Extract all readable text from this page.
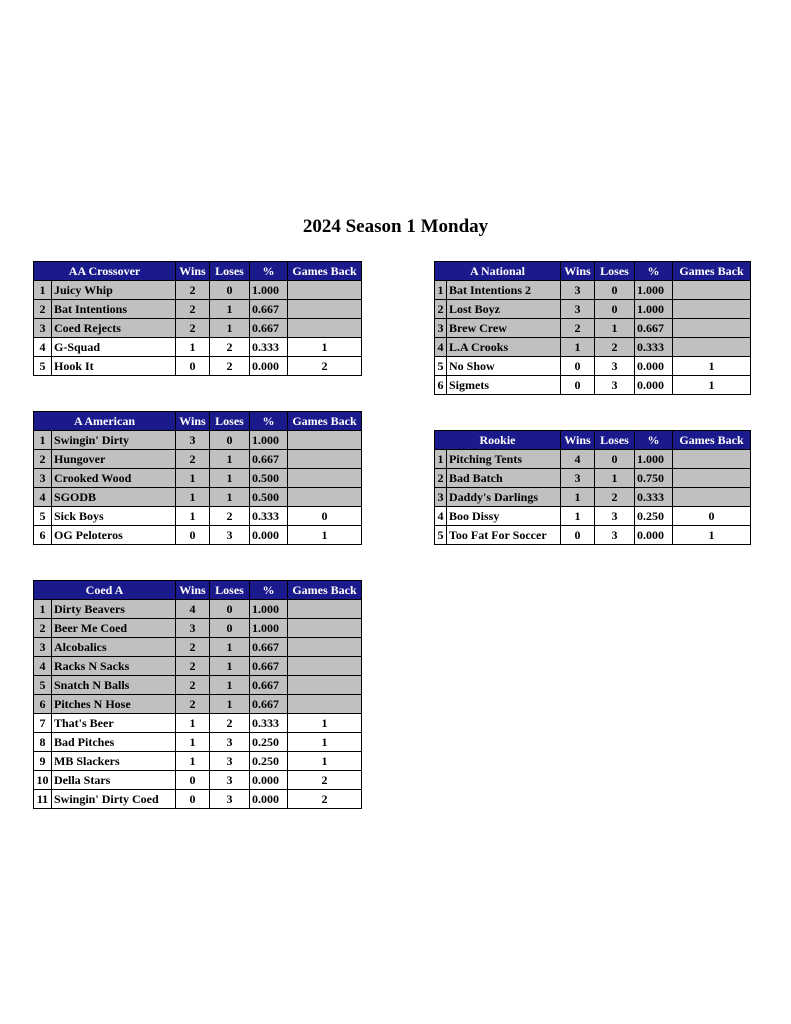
2024 Season 1 Monday
AA Crossover		Wins	Loses	%	Games Back
1	Juicy Whip	2	0	1.000	
2	Bat Intentions	2	1	0.667	
3	Coed Rejects	2	1	0.667	
4	G-Squad	1	2	0.333	1
5	Hook It	0	2	0.000	2
A National		Wins	Loses	%	Games Back
1	Bat Intentions 2	3	0	1.000	
2	Lost Boyz	3	0	1.000	
3	Brew Crew	2	1	0.667	
4	L.A Crooks	1	2	0.333	
5	No Show	0	3	0.000	1
6	Sigmets	0	3	0.000	1
A American		Wins	Loses	%	Games Back
1	Swingin' Dirty	3	0	1.000	
2	Hungover	2	1	0.667	
3	Crooked Wood	1	1	0.500	
4	SGODB	1	1	0.500	
5	Sick Boys	1	2	0.333	0
6	OG Peloteros	0	3	0.000	1
Rookie		Wins	Loses	%	Games Back
1	Pitching Tents	4	0	1.000	
2	Bad Batch	3	1	0.750	
3	Daddy's Darlings	1	2	0.333	
4	Boo Dissy	1	3	0.250	0
5	Too Fat For Soccer	0	3	0.000	1
Coed A		Wins	Loses	%	Games Back
1	Dirty Beavers	4	0	1.000	
2	Beer Me Coed	3	0	1.000	
3	Alcobalics	2	1	0.667	
4	Racks N Sacks	2	1	0.667	
5	Snatch N Balls	2	1	0.667	
6	Pitches N Hose	2	1	0.667	
7	That's Beer	1	2	0.333	1
8	Bad Pitches	1	3	0.250	1
9	MB Slackers	1	3	0.250	1
10	Della Stars	0	3	0.000	2
11	Swingin' Dirty Coed	0	3	0.000	2
